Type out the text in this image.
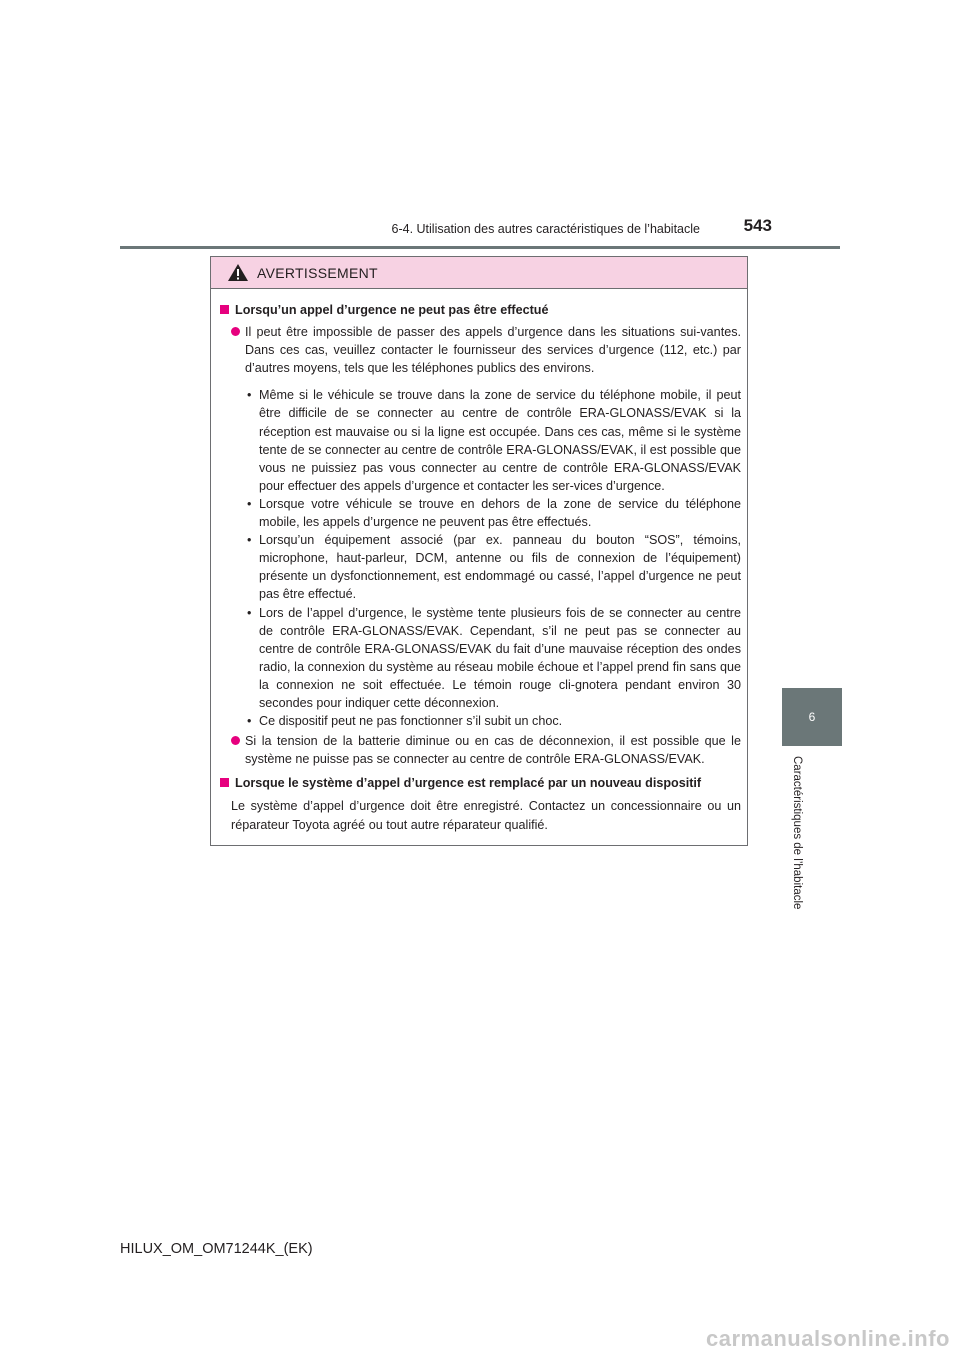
6-4. Utilisation des autres caractéristiques de l’habitacle	543
6
Caractéristiques de l’habitacle
AVERTISSEMENT
Lorsqu’un appel d’urgence ne peut pas être effectué
Il peut être impossible de passer des appels d’urgence dans les situations sui-vantes. Dans ces cas, veuillez contacter le fournisseur des services d’urgence (112, etc.) par d’autres moyens, tels que les téléphones publics des environs.
• Même si le véhicule se trouve dans la zone de service du téléphone mobile, il peut être difficile de se connecter au centre de contrôle ERA-GLONASS/EVAK si la réception est mauvaise ou si la ligne est occupée. Dans ces cas, même si le système tente de se connecter au centre de contrôle ERA-GLONASS/EVAK, il est possible que vous ne puissiez pas vous connecter au centre de contrôle ERA-GLONASS/EVAK pour effectuer des appels d’urgence et contacter les ser-vices d’urgence.
• Lorsque votre véhicule se trouve en dehors de la zone de service du téléphone mobile, les appels d’urgence ne peuvent pas être effectués.
• Lorsqu’un équipement associé (par ex. panneau du bouton “SOS”, témoins, microphone, haut-parleur, DCM, antenne ou fils de connexion de l’équipement) présente un dysfonctionnement, est endommagé ou cassé, l’appel d’urgence ne peut pas être effectué.
• Lors de l’appel d’urgence, le système tente plusieurs fois de se connecter au centre de contrôle ERA-GLONASS/EVAK. Cependant, s’il ne peut pas se connecter au centre de contrôle ERA-GLONASS/EVAK du fait d’une mauvaise réception des ondes radio, la connexion du système au réseau mobile échoue et l’appel prend fin sans que la connexion ne soit effectuée. Le témoin rouge cli-gnotera pendant environ 30 secondes pour indiquer cette déconnexion.
• Ce dispositif peut ne pas fonctionner s’il subit un choc.
Si la tension de la batterie diminue ou en cas de déconnexion, il est possible que le système ne puisse pas se connecter au centre de contrôle ERA-GLONASS/EVAK.
Lorsque le système d’appel d’urgence est remplacé par un nouveau dispositif
Le système d’appel d’urgence doit être enregistré. Contactez un concessionnaire ou un réparateur Toyota agréé ou tout autre réparateur qualifié.
HILUX_OM_OM71244K_(EK)
carmanualsonline.info
